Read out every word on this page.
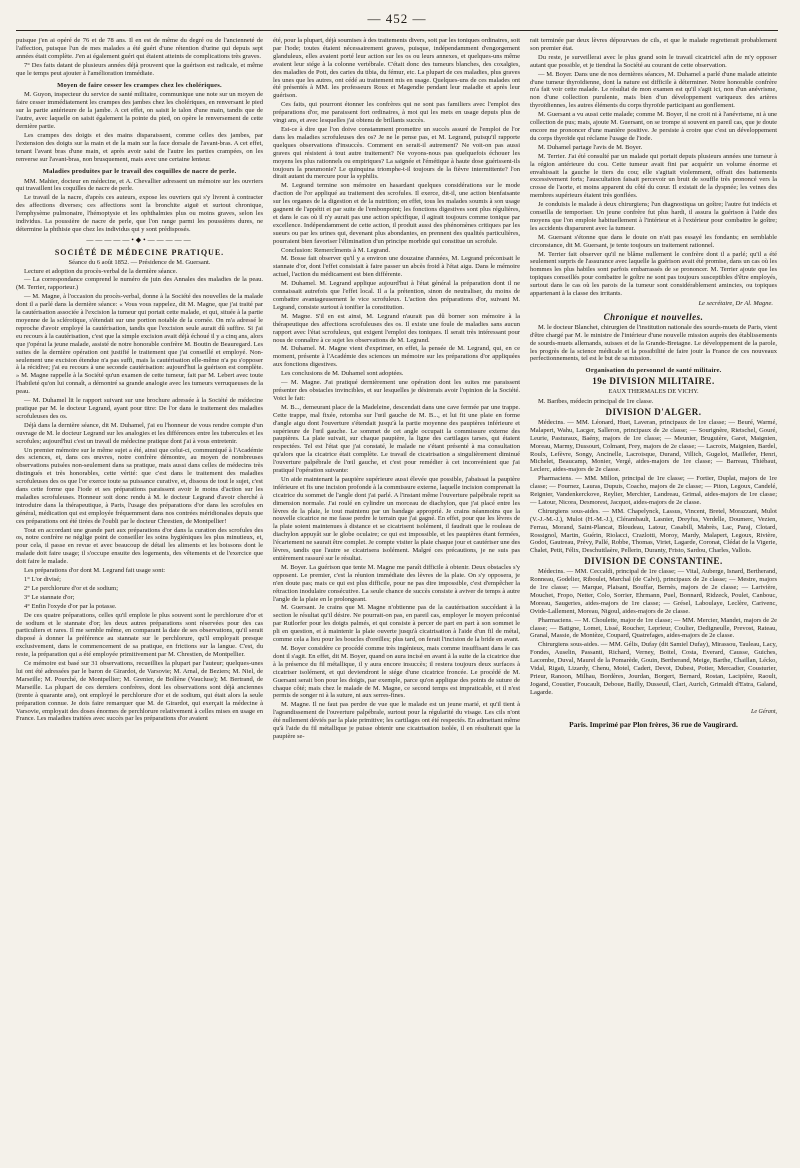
— 452 —

puisque j'en ai opéré de 76 et de 78 ans. Il en est de même du degré ou de l'ancienneté de l'affection, puisque l'un de mes malades a été guéri d'une rétention d'urine qui depuis sept années était complète. J'en ai également guéri qui étaient atteints de complications très graves.

7° Des faits datant de plusieurs années déjà prouvent que la guérison est radicale, et même que le temps peut ajouter à l'amélioration immédiate.

Moyen de faire cesser les crampes chez les cholériques.

M. Guyon, inspecteur du service de santé militaire, communique une note sur un moyen de faire cesser immédiatement les crampes des jambes chez les cholériques, en renversant le pied sur la partie antérieure de la jambe. A cet effet, on saisit le talon d'une main, tandis que de l'autre, avec laquelle on saisit également la pointe du pied, on opère le renversement de cette dernière partie.

Les crampes des doigts et des mains disparaissent, comme celles des jambes, par l'extension des doigts sur la main et de la main sur la face dorsale de l'avant-bras. A cet effet, tenant l'avant bras d'une main, et après avoir saisi de l'autre les parties crampées, on les renverse sur l'avant-bras, non brusquement, mais avec une certaine lenteur.

Maladies produites par le travail des coquilles de nacre de perle.

MM. Mahier, docteur en médecine, et A. Chevallier adressent un mémoire sur les ouvriers qui travaillent les coquilles de nacre de perle.

Le travail de la nacre, d'après ces auteurs, expose les ouvriers qui s'y livrent à contracter des affections diverses; ces affections sont la bronchite aiguë et surtout chronique, l'emphysème pulmonaire, l'hémoptysie et les ophthalmies plus ou moins graves, selon les individus. La poussière de nacre de perle, que l'on range parmi les poussières dures, ne détermine la phthisie que chez les individus qui y sont prédisposés.

—————•◆•—————
SOCIÉTÉ DE MÉDECINE PRATIQUE.

Séance du 6 août 1852. — Présidence de M. Guersant.

Lecture et adoption du procès-verbal de la dernière séance.

— La correspondance comprend le numéro de juin des Annales des maladies de la peau. (M. Terrier, rapporteur.)

— M. Magne, à l'occasion du procès-verbal, donne à la Société des nouvelles de la malade dont il a parlé dans la dernière séance: « Vous vous rappelez, dit M. Magne, que j'ai traité par la cautérisation associée à l'excision la tumeur qui portait cette malade, et qui, située à la partie moyenne de la sclérotique, s'étendait sur une portion notable de la cornée. On m'a adressé le reproche d'avoir employé la cautérisation, tandis que l'excision seule aurait dû suffire. Si j'ai eu recours à la cautérisation, c'est que la simple excision avait déjà échoué il y a cinq ans, alors que j'opérai la jeune malade, assisté de notre honorable confrère M. Boutin de Beauregard. Les suites de la dernière opération ont justifié le traitement que j'ai conseillé et employé. Non-seulement une excision étendue n'a pas suffi, mais la cautérisation elle-même n'a pu s'opposer à la récidive; j'ai eu recours à une seconde cautérisation: aujourd'hui la guérison est complète. » M. Magne rappelle à la Société qu'un examen de cette tumeur, fait par M. Lebert avec toute l'habileté qu'on lui connaît, a démontré sa grande analogie avec les tumeurs verruqueuses de la peau.

— M. Duhamel lit le rapport suivant sur une brochure adressée à la Société de médecine pratique par M. le docteur Legrand, ayant pour titre: De l'or dans le traitement des maladies scrofuleuses des os.

Déjà dans la dernière séance, dit M. Duhamel, j'ai eu l'honneur de vous rendre compte d'un ouvrage de M. le docteur Legrand sur les analogies et les différences entre les tubercules et les scrofules; aujourd'hui c'est un travail de médecine pratique dont j'ai à vous entretenir.

Un premier mémoire sur le même sujet a été, ainsi que celui-ci, communiqué à l'Académie des sciences, et, dans ces œuvres, notre confrère démontre, au moyen de nombreuses observations puisées non-seulement dans sa pratique, mais aussi dans celles de médecins très distingués et très honorables, cette vérité: que c'est dans le traitement des maladies scrofuleuses des os que l'or exerce toute sa puissance curative, et, dissous de tout le sujet, c'est dans cette forme que l'iode et ses préparations paraissent avoir le moins d'action sur les maladies scrofuleuses. Honneur soit donc rendu à M. le docteur Legrand d'avoir cherché à introduire dans la thérapeutique, à Paris, l'usage des préparations d'or dans les scrofules en général, médication qui est employée fréquemment dans nos contrées méridionales depuis que ces préparations ont été tirées de l'oubli par le docteur Chrestien, de Montpellier!

Tout en accordant une grande part aux préparations d'or dans la curation des scrofules des os, notre confrère ne néglige point de conseiller les soins hygiéniques les plus minutieux, et, pour cela, il passe en revue et avec beaucoup de détail les aliments et les boissons dont le malade doit faire usage; il s'occupe ensuite des logements, des vêtements et de l'exercice que doit faire le malade.

Les préparations d'or dont M. Legrand fait usage sont:

1° L'or divisé;

2° Le perchlorure d'or et de sodium;

3° Le stannate d'or;

4° Enfin l'oxyde d'or par la potasse.

De ces quatre préparations, celles qu'il emploie le plus souvent sont le perchlorure d'or et de sodium et le stannate d'or; les deux autres préparations sont réservées pour des cas particuliers et rares. Il me semble même, en comparant la date de ses observations, qu'il serait disposé à donner la préférence au stannate sur le perchlorure, qu'il employait presque exclusivement, dans le commencement de sa pratique, en frictions sur la langue. C'est, du reste, la préparation qui a été employée primitivement par M. Chrestien, de Montpellier.

Ce mémoire est basé sur 31 observations, recueillies la plupart par l'auteur; quelques-unes lui ont été adressées par le baron de Girardot, de Varsovie; M. Arnal, de Beziers; M. Niel, de Marseille; M. Pourché, de Montpellier; M. Grenier, de Bollène (Vaucluse); M. Bertrand, de Marseille. La plupart de ces derniers confrères, dont les observations sont déjà anciennes (trente à quarante ans), ont employé le perchlorure d'or et de sodium, qui était alors la seule préparation connue. Je dois faire remarquer que M. de Girardot, qui exerçait la médecine à Varsovie, employait des doses énormes de perchlorure relativement à celles mises en usage en France. Les maladies traitées avec succès par les préparations d'or avaient

été, pour la plupart, déjà soumises à des traitements divers, soit par les toniques ordinaires, soit par l'iode; toutes étaient nécessairement graves, puisque, indépendamment d'engorgement glanduleux, elles avaient porté leur action sur les os ou leurs annexes, et quelques-uns même avaient leur siége à la colonne vertébrale. C'était donc des tumeurs blanches, des coxalgies, des maladies de Pott, des caries du tibia, du fémur, etc. La plupart de ces maladies, plus graves les unes que les autres, ont cédé au traitement mis en usage. Quelques-uns de ces malades ont été présentés à MM. les professeurs Roux et Magendie pendant leur maladie et après leur guérison.

Ces faits, qui pourront étonner les confrères qui ne sont pas familiers avec l'emploi des préparations d'or, me paraissent fort ordinaires, à moi qui les mets en usage depuis plus de vingt ans, et avec lesquelles j'ai obtenu de brillants succès.

Est-ce à dire que l'on doive constamment promettre un succès assuré de l'emploi de l'or dans les maladies scrofuleuses des os? Je ne le pense pas, et M. Legrand, puisqu'il rapporte quelques observations d'insuccès. Comment en serait-il autrement? Ne voit-on pas aussi graves qui résistent à tout autre traitement? Ne voyons-nous pas quelquefois échouer les moyens les plus rationnels ou empiriques? La saignée et l'émétique à haute dose guérissent-ils toujours la pneumonie? Le quinquina triomphe-t-il toujours de la fièvre intermittente? l'on dirait autant du mercure pour la syphilis.

M. Legrand termine son mémoire en hasardant quelques considérations sur le mode d'action de l'or appliqué au traitement des scrofules. Il exerce, dit-il, une action bienfaisante sur les organes de la digestion et de la nutrition; en effet, tous les malades soumis à son usage gagnent de l'appétit et par suite de l'embonpoint; les fonctions digestives sont plus régulières, et dans le cas où il n'y aurait pas une action spécifique, il agirait toujours comme tonique par excellence. Indépendamment de cette action, il produit aussi des phénomènes critiques par les sueurs ou par les urines qui, devenant plus abondantes, en prennent des qualités particulières, pourraient bien favoriser l'élimination d'un principe morbide qui constitue un scrofule.

Conclusion: Remercîments à M. Legrand.

M. Bosse fait observer qu'il y a environ une douzaine d'années, M. Legrand préconisait le stannate d'or, dont l'effet consistait à faire passer un abcès froid à l'état aigu. Dans le mémoire actuel, l'action du médicament est bien différente.

M. Duhamel. M. Legrand applique aujourd'hui à l'état général la préparation dont il ne connaissait autrefois que l'effet local. Il a la prétention, sinon de neutraliser, du moins de combattre avantageusement le vice scrofuleux. L'action des préparations d'or, suivant M. Legrand, consiste surtout à tonifier la constitution.

M. Magne. S'il en est ainsi, M. Legrand n'aurait pas dû borner son mémoire à la thérapeutique des affections scrofuleuses des os. Il existe une foule de maladies sans aucun rapport avec l'état scrofuleux, qui exigent l'emploi des toniques. Il serait très intéressant pour nous de connaître à ce sujet les observations de M. Legrand.

M. Duhamel. M. Magne vient d'exprimer, en effet, la pensée de M. Legrand, qui, en ce moment, présente à l'Académie des sciences un mémoire sur les préparations d'or appliquées aux fonctions digestives.

Les conclusions de M. Duhamel sont adoptées.

— M. Magne. J'ai pratiqué dernièrement une opération dont les suites me paraissent présenter des obstacles invincibles, et sur lesquelles je désirerais avoir l'opinion de la Société. Voici le fait:

M. B..., demeurant place de la Madeleine, descendait dans une cave fermée par une trappe. Cette trappe, mal fixée, retomba sur l'œil gauche de M. B..., et lui fit une plaie en forme d'angle aigu dont l'ouverture s'étendait jusqu'à la partie moyenne des paupières inférieure et supérieure de l'œil gauche. Le sommet de cet angle occupait la commissure externe des paupières. La plaie suivait, sur chaque paupière, la ligne des cartilages tarses, qui étaient respectées. Tel est l'état que j'ai constaté, le malade ne s'étant présenté à ma consultation qu'alors que la cicatrice était complète. Le travail de cicatrisation a singulièrement diminué l'ouverture palpébrale de l'œil gauche, et c'est pour remédier à cet inconvénient que j'ai pratiqué l'opération suivante:

Un aide maintenant la paupière supérieure aussi élevée que possible, j'abaissai la paupière inférieure et fis une incision profonde à la commissure externe, laquelle incision comprenait la cicatrice du sommet de l'angle dont j'ai parlé. A l'instant même l'ouverture palpébrale reprit sa dimension normale. J'ai roulé en cylindre un morceau de diachylon, que j'ai placé entre les lèvres de la plaie, le tout maintenu par un bandage approprié. Je crains néanmoins que la nouvelle cicatrice ne me fasse perdre le terrain que j'ai gagné. En effet, pour que les lèvres de la plaie soient maintenues à distance et se cicatrisent isolément, il faudrait que le rouleau de diachylon appuyât sur le globe oculaire; ce qui est impossible, et les paupières étant fermées, l'écartement ne saurait être complet. Je compte visiter la plaie chaque jour et cautériser une des lèvres, tandis que l'autre se cicatrisera isolément. Malgré ces précautions, je ne suis pas entièrement rassuré sur le résultat.

M. Boyer. La guérison que tente M. Magne me paraît difficile à obtenir. Deux obstacles s'y opposent. Le premier, c'est la réunion immédiate des lèvres de la plaie. On s'y opposera, je n'en doute pas; mais ce qui est plus difficile, pour ne pas dire impossible, c'est d'empêcher la rétraction inodulaire consécutive. La seule chance de succès consiste à aviver de temps à autre l'angle de la plaie en le prolongeant.

M. Guersant. Je crains que M. Magne n'obtienne pas de la cautérisation succédant à la section le résultat qu'il désire. Ne pourrait-on pas, en pareil cas, employer le moyen préconisé par Rutlorfer pour les doigts palmés, et qui consiste à percer de part en part à son sommet le pli en question, et à maintenir la plaie ouverte jusqu'à cicatrisation à l'aide d'un fil de métal, comme cela a lieu pour les boucles d'oreilles; plus tard, on ferait l'incision de la bride en avant.

M. Boyer considère ce procédé comme très ingénieux, mais comme insuffisant dans le cas dont il s'agit. En effet, dit M. Boyer, quand on aura incisé en avant à la suite de la cicatrice due à la présence du fil métallique, il y aura encore insuccès; il restera toujours deux surfaces à cicatriser isolément, et qui deviendront le siége d'une cicatrice froncée. Le procédé de M. Guersant serait bon pour les doigts, par exemple, parce qu'on applique des points de suture de chaque côté; mais chez le malade de M. Magne, ce second temps est impraticable, et il n'est permis de songer ni à la suture, ni aux serres-fines.

M. Magne. Il ne faut pas perdre de vue que le malade est un jeune marié, et qu'il tient à l'agrandissement de l'ouverture palpébrale, surtout pour la régularité du visage. Les cils n'ont été nullement déviés par la plaie primitive; les cartilages ont été respectés. En admettant même qu'à l'aide du fil métallique je puisse obtenir une cicatrisation isolée, il en résulterait que la paupière se-

rait terminée par deux lèvres dépourvues de cils, et que le malade regretterait probablement son premier état.

Du reste, je surveillerai avec le plus grand soin le travail cicatriciel afin de m'y opposer autant que possible, et je tiendrai la Société au courant de cette observation.

— M. Boyer. Dans une de nos dernières séances, M. Duhamel a parlé d'une malade atteinte d'une tumeur thyroïdienne, dont la nature est difficile à déterminer. Notre honorable confrère m'a fait voir cette malade. Le résultat de mon examen est qu'il s'agit ici, non d'un anévrisme, non d'une collection purulente, mais bien d'un développement variqueux des artères thyroïdiennes, les autres éléments du corps thyroïde participant au gonflement.

M. Guersant a vu aussi cette malade; comme M. Boyer, il ne croit ni à l'anévrisme, ni à une collection de pus; mais, ajoute M. Guersant, on se trompe si souvent en pareil cas, que je doute encore me prononcer d'une manière positive. Je persiste à croire que c'est un développement du corps thyroïde qui réclame l'usage de l'iode.

M. Duhamel partage l'avis de M. Boyer.

M. Terrier. J'ai été consulté par un malade qui portait depuis plusieurs années une tumeur à la région antérieure du cou. Cette tumeur avait fini par acquérir un volume énorme et envahissait la gauche le tiers du cou; elle s'agitait violemment, offrait des battements excessivement forts; l'auscultation faisait percevoir un bruit de souffle très prononcé vers la crosse de l'aorte, et moins apparent du côté du cœur. Il existait de la dyspnée; les veines des membres supérieurs étaient très gonflées.

Je conduisis le malade à deux chirurgiens; l'un diagnostiqua un goître; l'autre fut indécis et conseilla de temporiser. Un jeune confrère fut plus hardi, il assura la guérison à l'aide des moyens que l'on emploie habituellement à l'intérieur et à l'extérieur pour combattre le goître; les accidents disparurent avec la tumeur.

M. Guersant s'étonne que dans le doute on n'ait pas essayé les fondants; en semblable circonstance, dit M. Guersant, je tente toujours un traitement rationnel.

M. Terrier fait observer qu'il ne blâme nullement le confrère dont il a parlé; qu'il a été seulement surpris de l'assurance avec laquelle la guérison avait été promise, dans un cas où les hommes les plus habiles sont parfois embarrassés de se prononcer. M. Terrier ajoute que les topiques conseillés pour combattre le goître ne sont pas toujours susceptibles d'être employés, surtout dans le cas où les parois de la tumeur sont considérablement amincies, ou topiques appartenant à la classe des irritants.

Le secrétaire, Dr Al. Magne.
Chronique et nouvelles.

M. le docteur Blanchet, chirurgien de l'institution nationale des sourds-muets de Paris, vient d'être chargé par M. le ministre de l'intérieur d'une nouvelle mission auprès des établissements de sourds-muets allemands, suisses et de la Grande-Bretagne. Le développement de la parole, les progrès de la science médicale et la possibilité de faire jouir la France de ces nouveaux perfectionnements, tel est le but de sa mission.

Organisation du personnel de santé militaire.
19e DIVISION MILITAIRE.
EAUX THERMALES DE VICHY.

M. Baribes, médecin principal de 1re classe.

DIVISION D'ALGER.

Médecins. — MM. Léonard, Huet, Laveran, principaux de 1re classe; — Beuré, Warmé, Malapert, Wahu, Lacger, Salleron, principaux de 2e classe; — Sourignère, Rietschel, Gouré, Leurie, Pasturaux, Baény, majors de 1re classe; — Meunier, Bruguière, Garet, Maignien, Moreau, Marmy, Dussourt, Colmant, Frey, majors de 2e classe; — Lacroix, Maignien, Bardel, Roulx, Lefèvre, Songy, Ancinelle, Lacroisque, Durand, Villich, Gugelot, Maillefer, Henri, Michelet, Beaucamp, Monier, Vergé, aides-majors de 1re classe; — Barreau, Thiébaut, Leclerc, aides-majors de 2e classe.

Pharmaciens. — MM. Millon, principal de 1re classe; — Fortier, Duplat, majors de 1re classe; — Fournez, Lauras, Dupuis, Coacho, majors de 2e classe; — Piton, Legoux, Candelé, Reignier, Vandenkerckove, Reylier, Merchier, Landreau, Grimal, aides-majors de 1re classe; — Latour, Nicora, Desmorest, Jacquot, aides-majors de 2e classe.

Chirurgiens sous-aides. — MM. Chapelynck, Lassus, Vincent, Bretel, Morazzani, Mulot (V.-J.-M.-J.), Mulot (H.-M.-J.), Clérambault, Lasnier, Dreyfus, Verdelle, Doumerc, Vezien, Ferrau, Morand, Saint-Plancat, Bloudeau, Latour, Casabill, Mabrès, Lac, Paraj, Clotard, Rossignol, Martin, Guérin, Riolacci, Crazlotti, Moroy, Mardy, Malapert, Legoux, Rivière, Godot, Gautreau, Prévy, Pallé, Robbe, Thomas, Viriet, Lagarde, Coronat, Clédat de la Vigerie, Chalet, Petit, Félix, Deschuttlaère, Pellerin, Duranty, Fristo, Sardou, Charles, Vallois.

DIVISION DE CONSTANTINE.

Médecins. — MM. Ceccaldi, principal de 1re classe; — Vital, Auberge, Isnard, Bertherand, Ronneau, Godelier, Riboulet, Marchal (de Calvi), principaux de 2e classe; — Mestre, majors de 1re classe; — Marque, Plaisant, Bouffar, Bernès, majors de 2e classe; — Larivière, Mouchet, Fropo, Netter, Colo, Sorrier, Ehrmann, Puel, Bonnard, Ridzeck, Poulet, Canbouc, Moreau, Saugeries, aides-majors de 1re classe; — Grésel, Laboulaye, Leclère, Carivenc, Ovide-Lallement, Moreau, Nigoul, aides-majors de 2e classe.

Pharmaciens. — M. Choulette, major de 1re classe; — MM. Mercier, Mandet, majors de 2e classe; — Batigne, Lomet, Lissé, Roucher, Leprieur, Coulier, Dedigneulle, Prevost, Rateau, Granal, Massie, de Montèze, Coupard, Quatrefages, aides-majors de 2e classe.

Chirurgiens sous-aides. — MM. Gélis, Dufay (dit Samiel Dufay), Mirassou, Tauleau, Lacy, Fondes, Auselin, Passanti, Richard, Verney, Boitel, Costa, Everard, Causse, Guiches, Lacombe, Duval, Maurel de la Pomarède, Gouin, Bertherand, Meige, Barthe, Chaillan, Lécko, Vidal, Rigaü, Lizardy, Chenu, Motel, Cadert, Devot, Dubest, Potier, Mercadier, Cousturier, Prieur, Ranoon, Milhau, Bordères, Jourdan, Borgert, Bernard, Rostan, Lacipière, Raoult, Jogand, Coustier, Foucault, Deboue, Bailly, Dusseuil, Clari, Aurich, Grimaldi d'Estra, Galand, Lagarde.

Le Gérant,
Paris. Imprimé par Plon frères, 36 rue de Vaugirard.
